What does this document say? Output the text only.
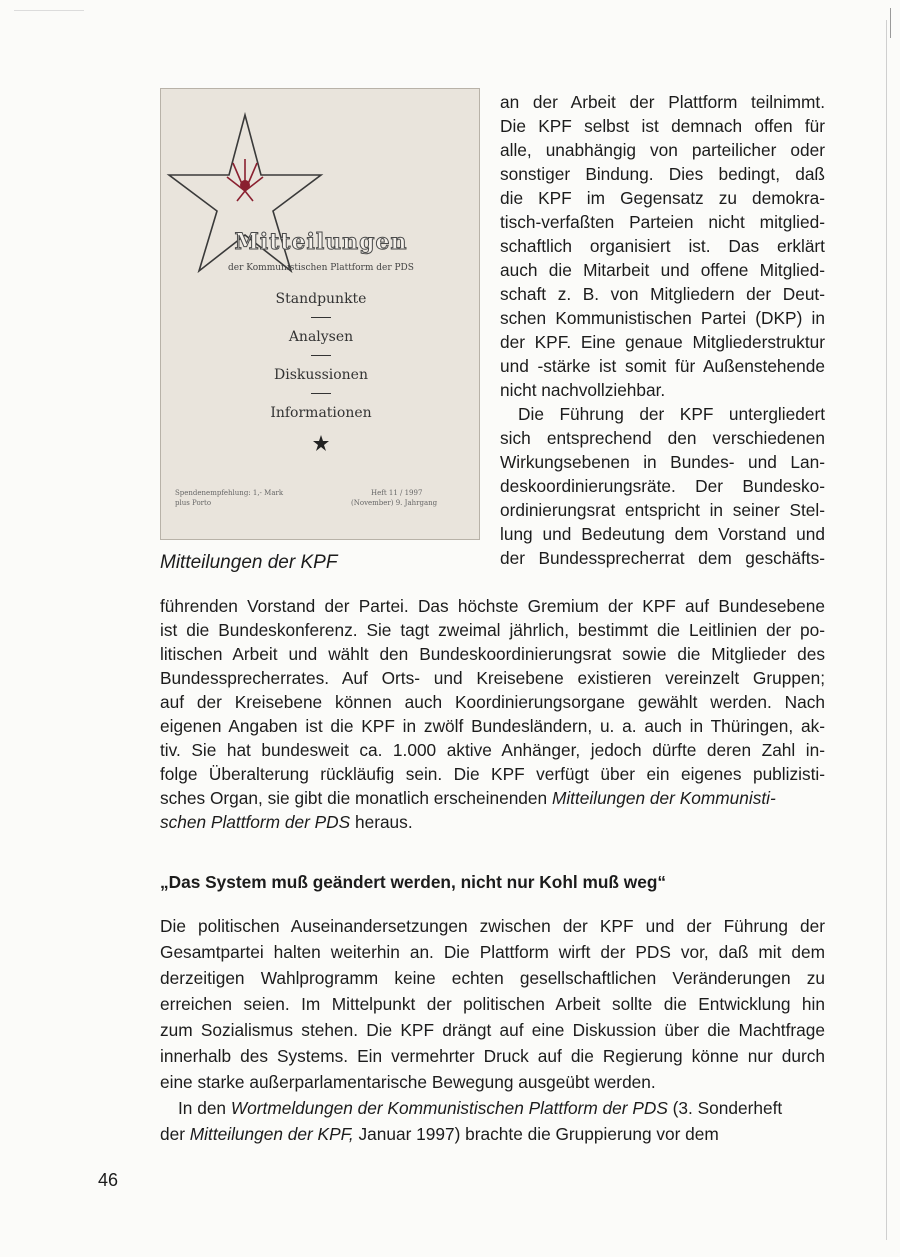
Mitteilungen
der Kommunistischen Plattform der PDS
Standpunkte
Analysen
Diskussionen
Informationen
Spendenempfehlung: 1,- Mark
plus Porto
Heft 11 / 1997
(November) 9. Jahrgang
Mitteilungen der KPF
an der Arbeit der Plattform teilnimmt.
Die KPF selbst ist demnach offen für
alle, unabhängig von parteilicher oder
sonstiger Bindung. Dies bedingt, daß
die KPF im Gegensatz zu demokra-
tisch-verfaßten Parteien nicht mitglied-
schaftlich organisiert ist. Das erklärt
auch die Mitarbeit und offene Mitglied-
schaft z. B. von Mitgliedern der Deut-
schen Kommunistischen Partei (DKP) in
der KPF. Eine genaue Mitgliederstruktur
und -stärke ist somit für Außenstehende
nicht nachvollziehbar.
Die Führung der KPF untergliedert
sich entsprechend den verschiedenen
Wirkungsebenen in Bundes- und Lan-
deskoordinierungsräte. Der Bundesko-
ordinierungsrat entspricht in seiner Stel-
lung und Bedeutung dem Vorstand und
der Bundessprecherrat dem geschäfts-
führenden Vorstand der Partei. Das höchste Gremium der KPF auf Bundesebene
ist die Bundeskonferenz. Sie tagt zweimal jährlich, bestimmt die Leitlinien der po-
litischen Arbeit und wählt den Bundeskoordinierungsrat sowie die Mitglieder des
Bundessprecherrates. Auf Orts- und Kreisebene existieren vereinzelt Gruppen;
auf der Kreisebene können auch Koordinierungsorgane gewählt werden. Nach
eigenen Angaben ist die KPF in zwölf Bundesländern, u. a. auch in Thüringen, ak-
tiv. Sie hat bundesweit ca. 1.000 aktive Anhänger, jedoch dürfte deren Zahl in-
folge Überalterung rückläufig sein. Die KPF verfügt über ein eigenes publizisti-
sches Organ, sie gibt die monatlich erscheinenden Mitteilungen der Kommunisti-
schen Plattform der PDS heraus.
„Das System muß geändert werden, nicht nur Kohl muß weg“
Die politischen Auseinandersetzungen zwischen der KPF und der Führung der
Gesamtpartei halten weiterhin an. Die Plattform wirft der PDS vor, daß mit dem
derzeitigen Wahlprogramm keine echten gesellschaftlichen Veränderungen zu
erreichen seien. Im Mittelpunkt der politischen Arbeit sollte die Entwicklung hin
zum Sozialismus stehen. Die KPF drängt auf eine Diskussion über die Machtfrage
innerhalb des Systems. Ein vermehrter Druck auf die Regierung könne nur durch
eine starke außerparlamentarische Bewegung ausgeübt werden.
In den Wortmeldungen der Kommunistischen Plattform der PDS (3. Sonderheft
der Mitteilungen der KPF, Januar 1997) brachte die Gruppierung vor dem
46
